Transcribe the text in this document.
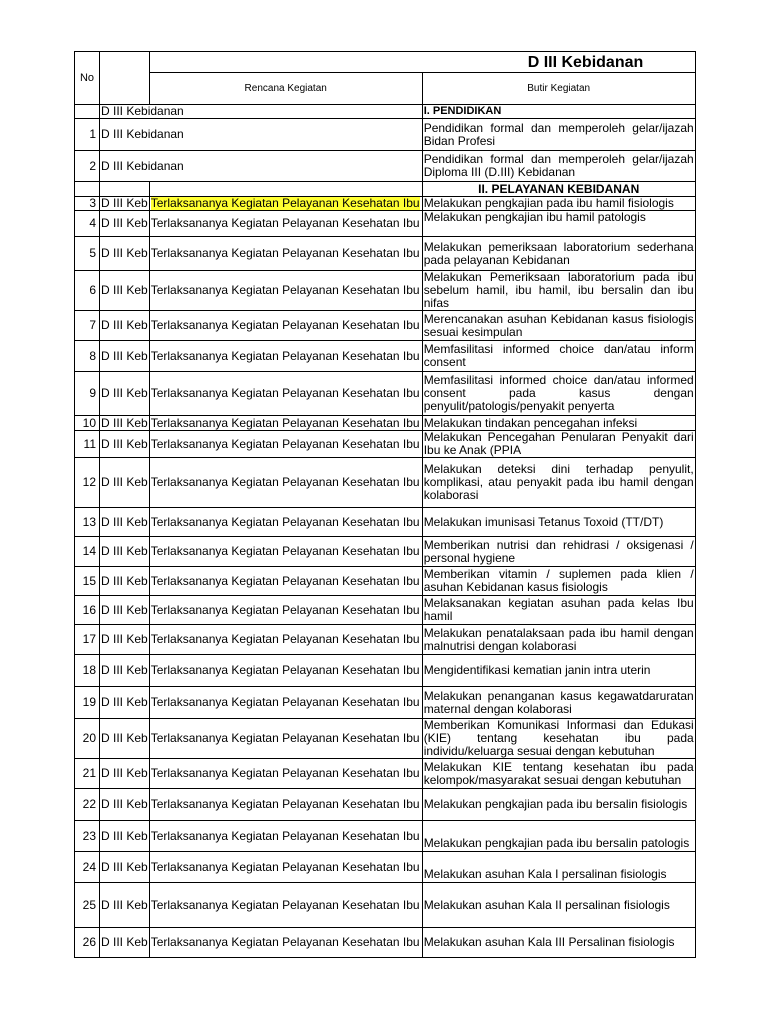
No		D III Kebidanan	
		Rencana Kegiatan	Butir Kegiatan
	D III Kebidanan		I. PENDIDIKAN
1	D III Kebidanan		Pendidikan formal dan memperoleh gelar/ijazah Bidan Profesi
2	D III Kebidanan		Pendidikan formal dan memperoleh gelar/ijazah Diploma III (D.III) Kebidanan
			II. PELAYANAN KEBIDANAN
3	D III Keb	Terlaksananya Kegiatan Pelayanan Kesehatan Ibu	Melakukan pengkajian pada ibu hamil fisiologis
4	D III Keb	Terlaksananya Kegiatan Pelayanan Kesehatan Ibu	Melakukan pengkajian ibu hamil patologis
5	D III Keb	Terlaksananya Kegiatan Pelayanan Kesehatan Ibu	Melakukan pemeriksaan laboratorium sederhana pada pelayanan Kebidanan
6	D III Keb	Terlaksananya Kegiatan Pelayanan Kesehatan Ibu	Melakukan Pemeriksaan laboratorium pada ibu sebelum hamil, ibu hamil, ibu bersalin dan ibu nifas
7	D III Keb	Terlaksananya Kegiatan Pelayanan Kesehatan Ibu	Merencanakan asuhan Kebidanan kasus fisiologis sesuai kesimpulan
8	D III Keb	Terlaksananya Kegiatan Pelayanan Kesehatan Ibu	Memfasilitasi informed choice dan/atau inform consent
9	D III Keb	Terlaksananya Kegiatan Pelayanan Kesehatan Ibu	Memfasilitasi informed choice dan/atau informed consent pada kasus dengan penyulit/patologis/penyakit penyerta
10	D III Keb	Terlaksananya Kegiatan Pelayanan Kesehatan Ibu	Melakukan tindakan pencegahan infeksi
11	D III Keb	Terlaksananya Kegiatan Pelayanan Kesehatan Ibu	Melakukan Pencegahan Penularan Penyakit dari Ibu ke Anak (PPIA
12	D III Keb	Terlaksananya Kegiatan Pelayanan Kesehatan Ibu	Melakukan deteksi dini terhadap penyulit, komplikasi, atau penyakit pada ibu hamil dengan kolaborasi
13	D III Keb	Terlaksananya Kegiatan Pelayanan Kesehatan Ibu	Melakukan imunisasi Tetanus Toxoid (TT/DT)
14	D III Keb	Terlaksananya Kegiatan Pelayanan Kesehatan Ibu	Memberikan nutrisi dan rehidrasi / oksigenasi / personal hygiene
15	D III Keb	Terlaksananya Kegiatan Pelayanan Kesehatan Ibu	Memberikan vitamin / suplemen pada klien / asuhan Kebidanan kasus fisiologis
16	D III Keb	Terlaksananya Kegiatan Pelayanan Kesehatan Ibu	Melaksanakan kegiatan asuhan pada kelas Ibu hamil
17	D III Keb	Terlaksananya Kegiatan Pelayanan Kesehatan Ibu	Melakukan penatalaksaan pada ibu hamil dengan malnutrisi dengan kolaborasi
18	D III Keb	Terlaksananya Kegiatan Pelayanan Kesehatan Ibu	Mengidentifikasi kematian janin intra uterin
19	D III Keb	Terlaksananya Kegiatan Pelayanan Kesehatan Ibu	Melakukan penanganan kasus kegawatdaruratan maternal dengan kolaborasi
20	D III Keb	Terlaksananya Kegiatan Pelayanan Kesehatan Ibu	Memberikan Komunikasi Informasi dan Edukasi (KIE) tentang kesehatan ibu pada individu/keluarga sesuai dengan kebutuhan
21	D III Keb	Terlaksananya Kegiatan Pelayanan Kesehatan Ibu	Melakukan KIE tentang kesehatan ibu pada kelompok/masyarakat sesuai dengan kebutuhan
22	D III Keb	Terlaksananya Kegiatan Pelayanan Kesehatan Ibu	Melakukan pengkajian pada ibu bersalin fisiologis
23	D III Keb	Terlaksananya Kegiatan Pelayanan Kesehatan Ibu	Melakukan pengkajian pada ibu bersalin patologis
24	D III Keb	Terlaksananya Kegiatan Pelayanan Kesehatan Ibu	Melakukan asuhan Kala I persalinan fisiologis
25	D III Keb	Terlaksananya Kegiatan Pelayanan Kesehatan Ibu	Melakukan asuhan Kala II persalinan fisiologis
26	D III Keb	Terlaksananya Kegiatan Pelayanan Kesehatan Ibu	Melakukan asuhan Kala III Persalinan fisiologis
